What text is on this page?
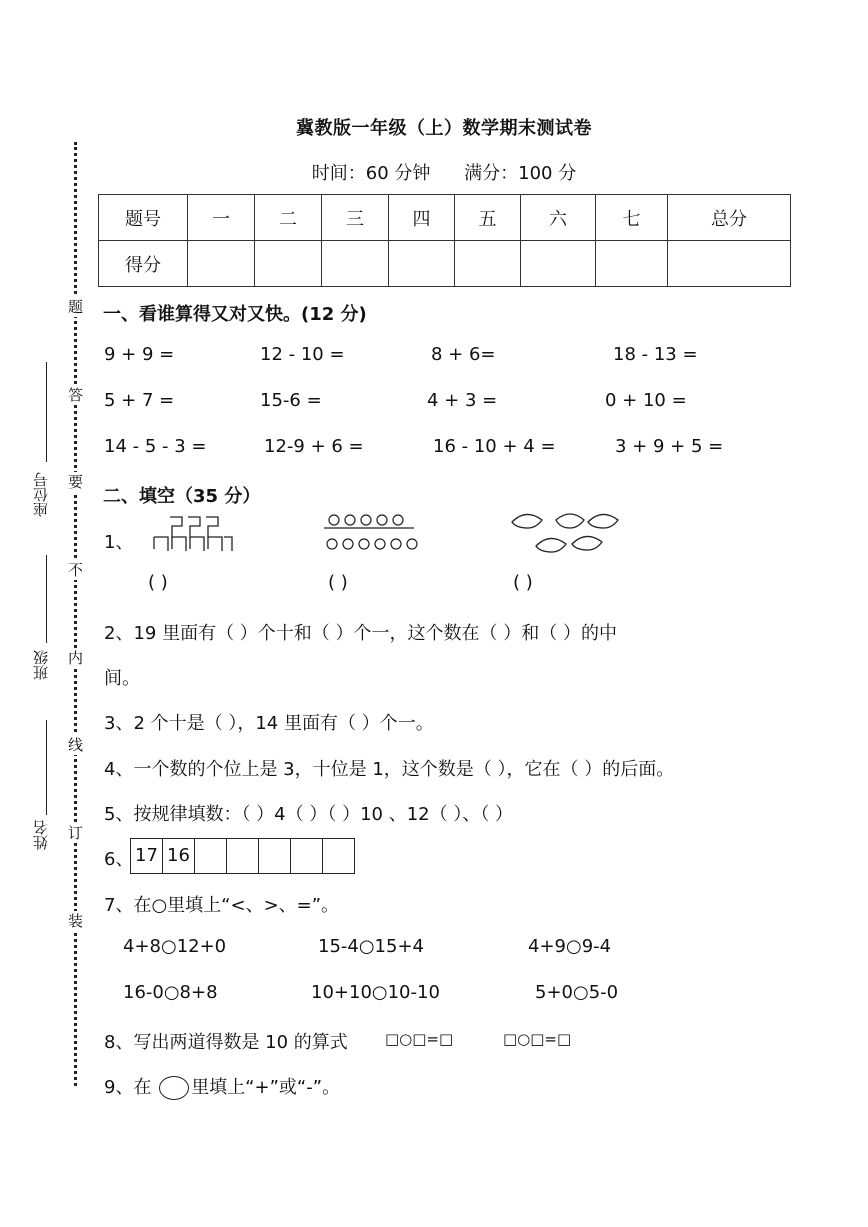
冀教版一年级（上）数学期末测试卷
时间：60 分钟 满分：100 分
题号	一	二	三	四	五	六	七	总分
得分								
题
答
要
不
内
线
订
装
座位号
班级
姓名
一、看谁算得又对又快。(12 分)
9 + 9 =	12 - 10 =	8 + 6=	18 - 13 =
5 + 7 =	15-6 =	4 + 3 =	0 + 10 =
14 - 5 - 3 =	12-9 + 6 =	16 - 10 + 4 =	3 + 9 + 5 =
二、填空（35 分）
1、
( )	( )	( )
2、19 里面有（ ）个十和（ ）个一，这个数在（ ）和（ ）的中
间。
3、2 个十是（ ），14 里面有（ ）个一。
4、一个数的个位上是 3，十位是 1，这个数是（ ），它在（ ）的后面。
5、按规律填数：（ ）4（ ）（ ）10 、12（ ）、（ ）
6、 17 16
7、在○里填上“<、>、=”。
4+8○12+0	15-4○15+4	4+9○9-4
16-0○8+8	10+10○10-10	5+0○5-0
8、写出两道得数是 10 的算式 □○□=□	□○□=□
9、在 里填上“+”或“-”。
